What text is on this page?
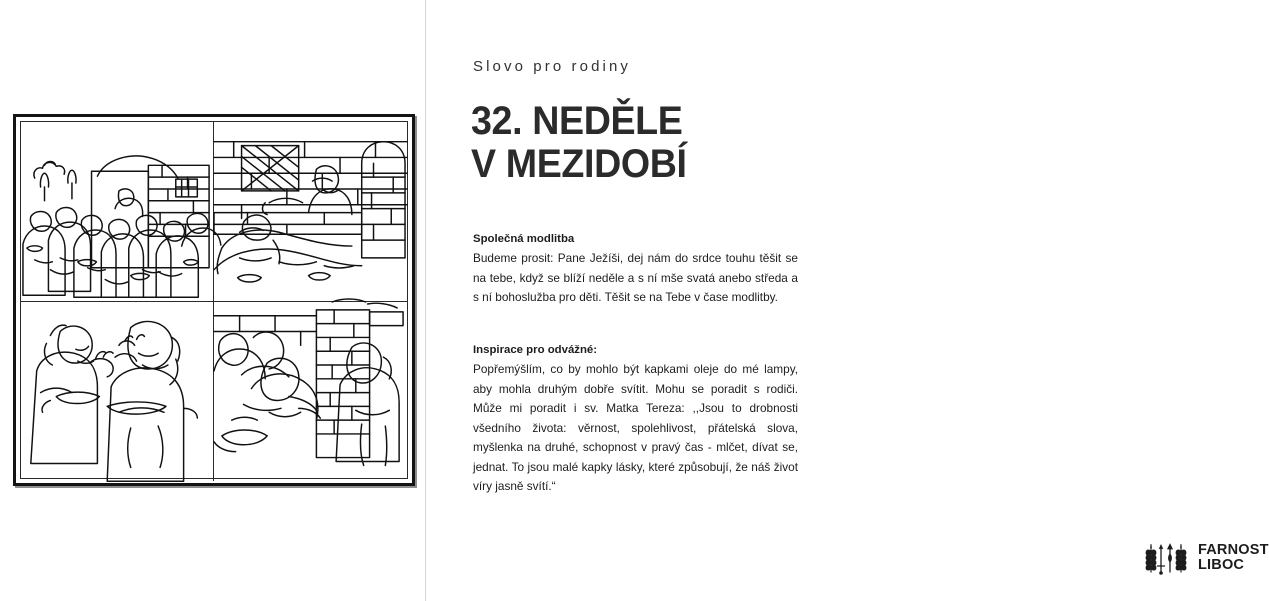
Slovo pro rodiny
32. NEDĚLE
V MEZIDOBÍ
Společná modlitba

Budeme prosit: Pane Ježíši, dej nám do srdce touhu těšit se na tebe, když se blíží neděle a s ní mše svatá anebo středa a s ní bohoslužba pro děti. Těšit se na Tebe v čase modlitby.

Inspirace pro odvážné:

Popřemýšlím, co by mohlo být kapkami oleje do mé lampy, aby mohla druhým dobře svítit. Mohu se poradit s rodiči. Může mi poradit i sv. Matka Tereza: ,,Jsou to drobnosti všedního života: věrnost, spolehlivost, přátelská slova, myšlenka na druhé, schopnost v pravý čas - mlčet, dívat se, jednat. To jsou malé kapky lásky, které způsobují, že náš život víry jasně svítí.“

FARNOST
LIBOC
